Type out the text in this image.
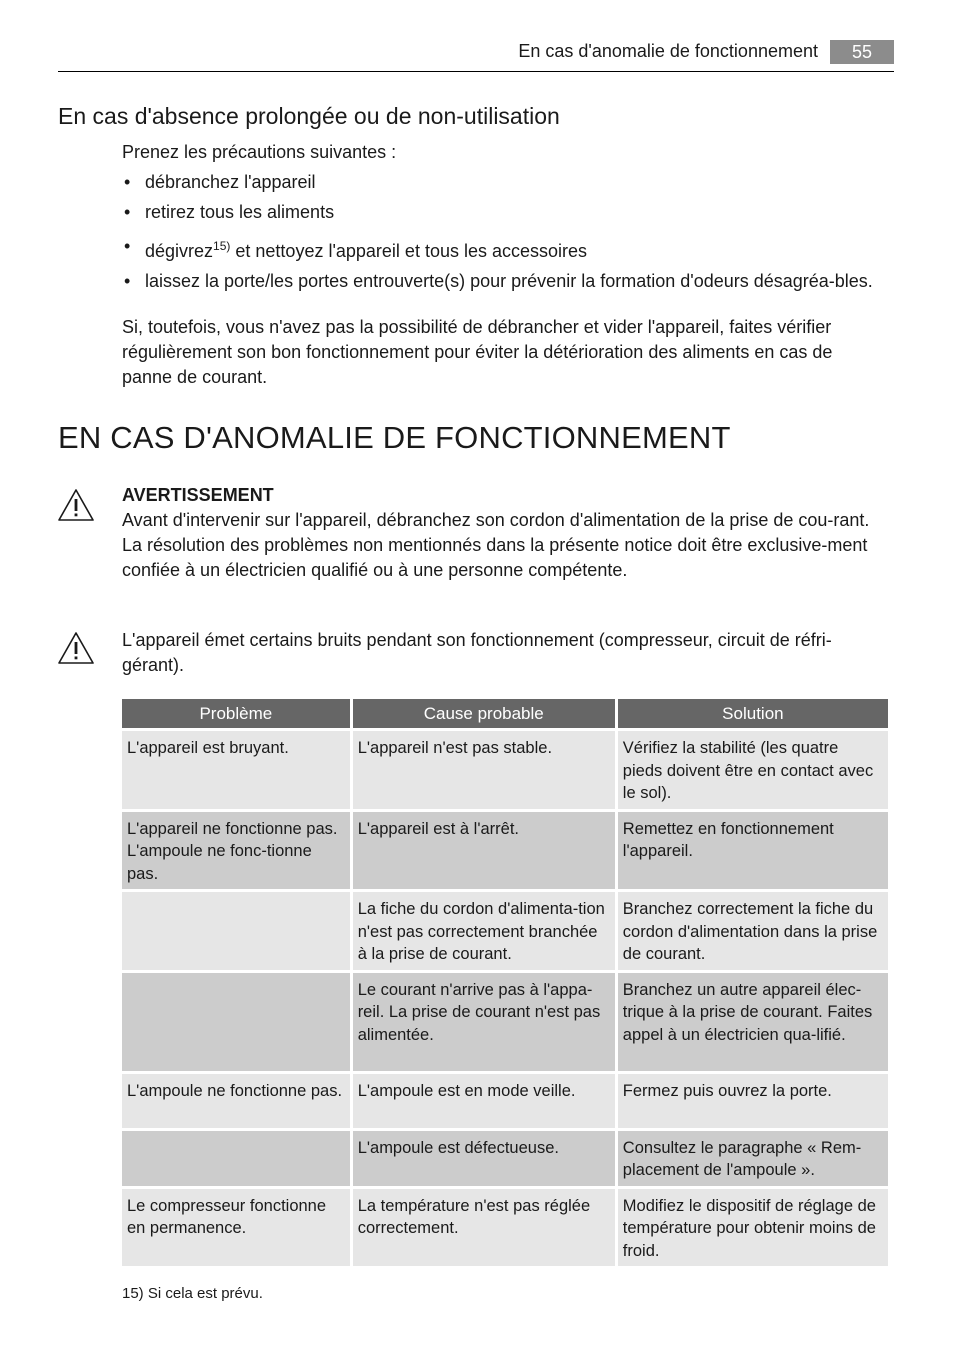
En cas d'anomalie de fonctionnement	55
En cas d'absence prolongée ou de non-utilisation
Prenez les précautions suivantes :
• débranchez l'appareil
• retirez tous les aliments
• dégivrez$^{15)}$ et nettoyez l'appareil et tous les accessoires
• laissez la porte/les portes entrouverte(s) pour prévenir la formation d'odeurs désagréa-bles.
Si, toutefois, vous n'avez pas la possibilité de débrancher et vider l'appareil, faites vérifier régulièrement son bon fonctionnement pour éviter la détérioration des aliments en cas de panne de courant.
EN CAS D'ANOMALIE DE FONCTIONNEMENT
AVERTISSEMENT
Avant d'intervenir sur l'appareil, débranchez son cordon d'alimentation de la prise de cou-rant.
La résolution des problèmes non mentionnés dans la présente notice doit être exclusive-ment confiée à un électricien qualifié ou à une personne compétente.
L'appareil émet certains bruits pendant son fonctionnement (compresseur, circuit de réfri-gérant).
Problème	Cause probable	Solution
L'appareil est bruyant.	L'appareil n'est pas stable.	Vérifiez la stabilité (les quatre pieds doivent être en contact avec le sol).
L'appareil ne fonctionne pas. L'ampoule ne fonc-tionne pas.	L'appareil est à l'arrêt.	Remettez en fonctionnement l'appareil.
	La fiche du cordon d'alimenta-tion n'est pas correctement branchée à la prise de courant.	Branchez correctement la fiche du cordon d'alimentation dans la prise de courant.
	Le courant n'arrive pas à l'appa-reil. La prise de courant n'est pas alimentée.	Branchez un autre appareil élec-trique à la prise de courant. Faites appel à un électricien qua-lifié.
L'ampoule ne fonctionne pas.	L'ampoule est en mode veille.	Fermez puis ouvrez la porte.
	L'ampoule est défectueuse.	Consultez le paragraphe « Rem-placement de l'ampoule ».
Le compresseur fonctionne en permanence.	La température n'est pas réglée correctement.	Modifiez le dispositif de réglage de température pour obtenir moins de froid.
15) Si cela est prévu.
